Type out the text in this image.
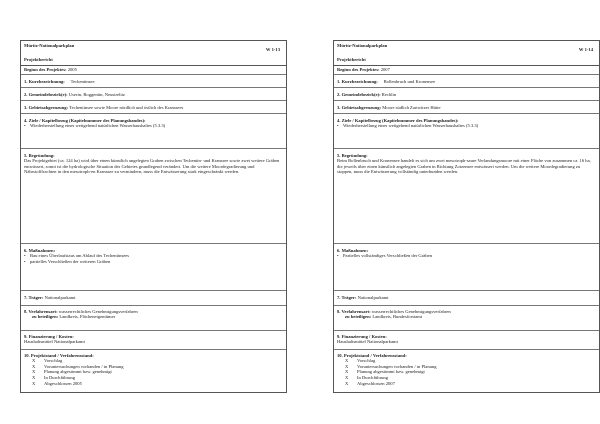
Müritz-Nationalparkplan
W 1-13
Projektbericht
Beginn des Projektes: 2005
1. Kurzbezeichnung: Techentinsee
2. Gemeindebezirk(e): Userin, Roggentin, Neustrelitz
3. Gebietsabgrenzung: Techentinsee sowie Moore nördlich und östlich des Kranssees
4. Ziele / Kapitelbezug (Kapitelnummer des Planungsbandes):
• Wiederherstellung eines weitgehend natürlichen Wasserhaushaltes (5.3.3)
5. Begründung:
Das Projektgebiet (ca. 124 ha) wird über einen künstlich angelegten Graben zwischen Techentin- und Kranssee sowie zwei weitere Gräben entwässert, somit ist die hydrologische Situation des Gebietes grundlegend verändert. Um die weitere Moordegradierung und Nährstofffrachten in den mesotroph-en Kranssee zu vermindern, muss die Entwässerung stark eingeschränkt werden.
6. Maßnahmen:
• Bau eines Überlaufstaus am Ablauf des Techentinsees
• partielles Verschließen der weiteren Gräben
7. Träger: Nationalparkamt
8. Verfahrensart: wasserrechtliches Genehmigungsverfahren
zu beteiligen: Landkreis, Flächeneigentümer
9. Finanzierung / Kosten:
Haushaltsmittel Nationalparkamt
10. Projektstand / Verfahrensstand:
X	Vorschlag
X	Voruntersuchungen vorhanden / in Planung
X	Planung abgestimmt bzw. genehmigt
X	In Durchführung
X	Abgeschlossen 2005
Müritz-Nationalparkplan
W 1-14
Projektbericht
Beginn des Projektes: 2007
1. Kurzbezeichnung: Bollenbruch und Kronensee
2. Gemeindebezirk(e): Rechlin
3. Gebietsabgrenzung: Moore südlich Zartwitzer Hütte
4. Ziele / Kapitelbezug (Kapitelnummer des Planungsbandes):
• Wiederherstellung eines weitgehend natürlichen Wasserhaushaltes (5.3.3)
5. Begründung:
Beim Bollenbruch und Kronensee handelt es sich um zwei mesotroph-saure Verlandungsmoore mit einer Fläche von zusammen ca. 16 ha, die jeweils über einen künstlich angelegten Graben in Richtung Zotzensee entwässert werden. Um die weitere Moordegradierung zu stoppen, muss die Entwässerung vollständig unterbunden werden.
6. Maßnahmen:
• Partielles vollständiges Verschließen der Gräben
7. Träger: Nationalparkamt
8. Verfahrensart: wasserrechtliches Genehmigungsverfahren
zu beteiligen: Landkreis, Bundesforstamt
9. Finanzierung / Kosten:
Haushaltsmittel Nationalparkamt
10. Projektstand / Verfahrensstand:
X	Vorschlag
X	Voruntersuchungen vorhanden / in Planung
X	Planung abgestimmt bzw. genehmigt
X	In Durchführung
X	Abgeschlossen 2007
